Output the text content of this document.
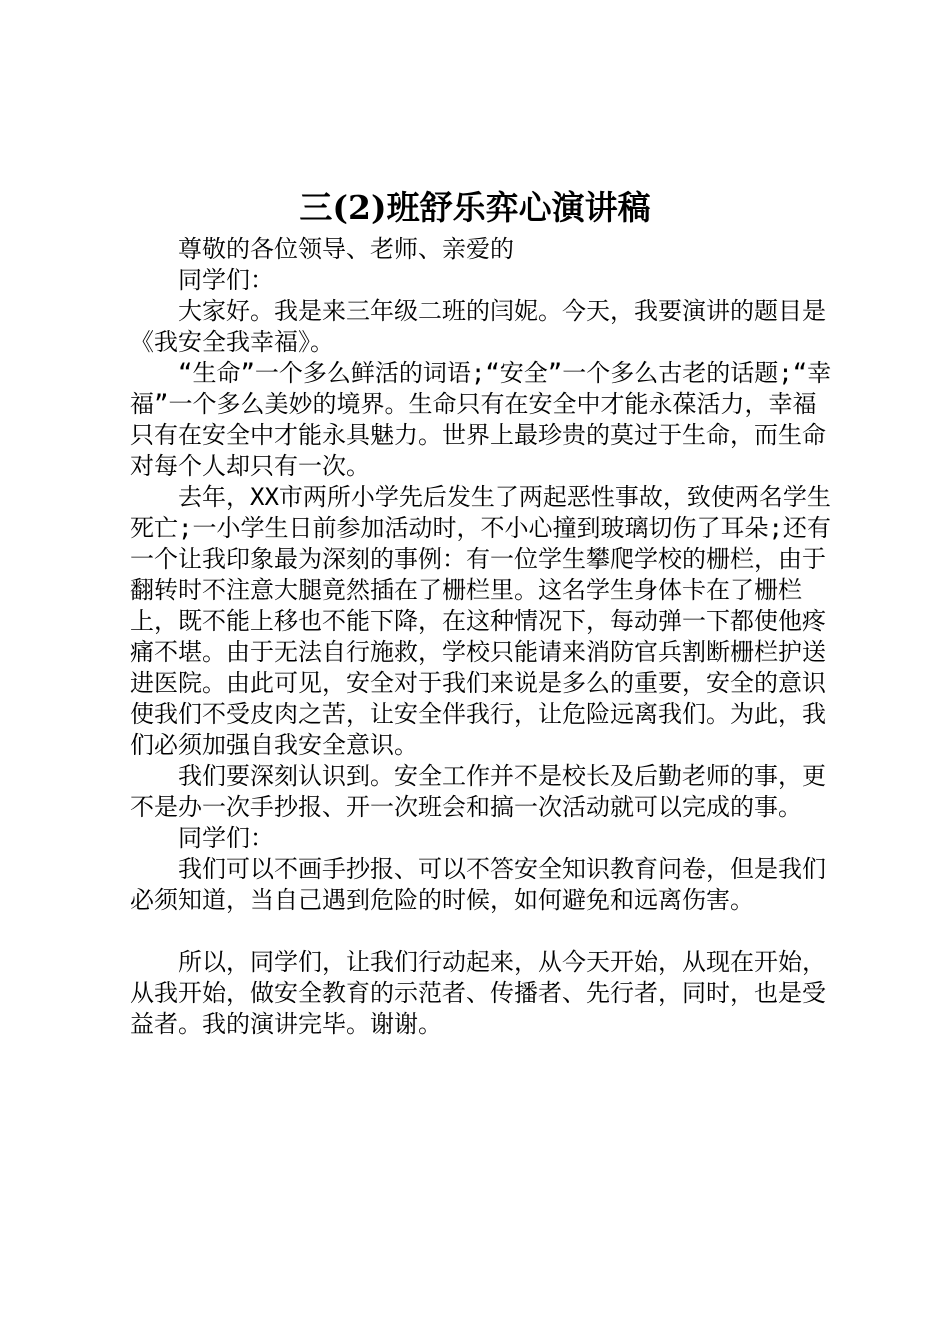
三(2)班舒乐弈心演讲稿

尊敬的各位领导、老师、亲爱的

同学们：

大家好。我是来三年级二班的闫妮。今天，我要演讲的题目是《我安全我幸福》。

“生命”一个多么鲜活的词语;“安全”一个多么古老的话题;“幸福”一个多么美妙的境界。生命只有在安全中才能永葆活力，幸福只有在安全中才能永具魅力。世界上最珍贵的莫过于生命，而生命对每个人却只有一次。

去年，XX市两所小学先后发生了两起恶性事故，致使两名学生死亡;一小学生日前参加活动时，不小心撞到玻璃切伤了耳朵;还有一个让我印象最为深刻的事例：有一位学生攀爬学校的栅栏，由于翻转时不注意大腿竟然插在了栅栏里。这名学生身体卡在了栅栏上，既不能上移也不能下降，在这种情况下，每动弹一下都使他疼痛不堪。由于无法自行施救，学校只能请来消防官兵割断栅栏护送进医院。由此可见，安全对于我们来说是多么的重要，安全的意识使我们不受皮肉之苦，让安全伴我行，让危险远离我们。为此，我们必须加强自我安全意识。

我们要深刻认识到。安全工作并不是校长及后勤老师的事，更不是办一次手抄报、开一次班会和搞一次活动就可以完成的事。

同学们：

我们可以不画手抄报、可以不答安全知识教育问卷，但是我们必须知道，当自己遇到危险的时候，如何避免和远离伤害。

所以，同学们，让我们行动起来，从今天开始，从现在开始，从我开始，做安全教育的示范者、传播者、先行者，同时，也是受益者。我的演讲完毕。谢谢。
